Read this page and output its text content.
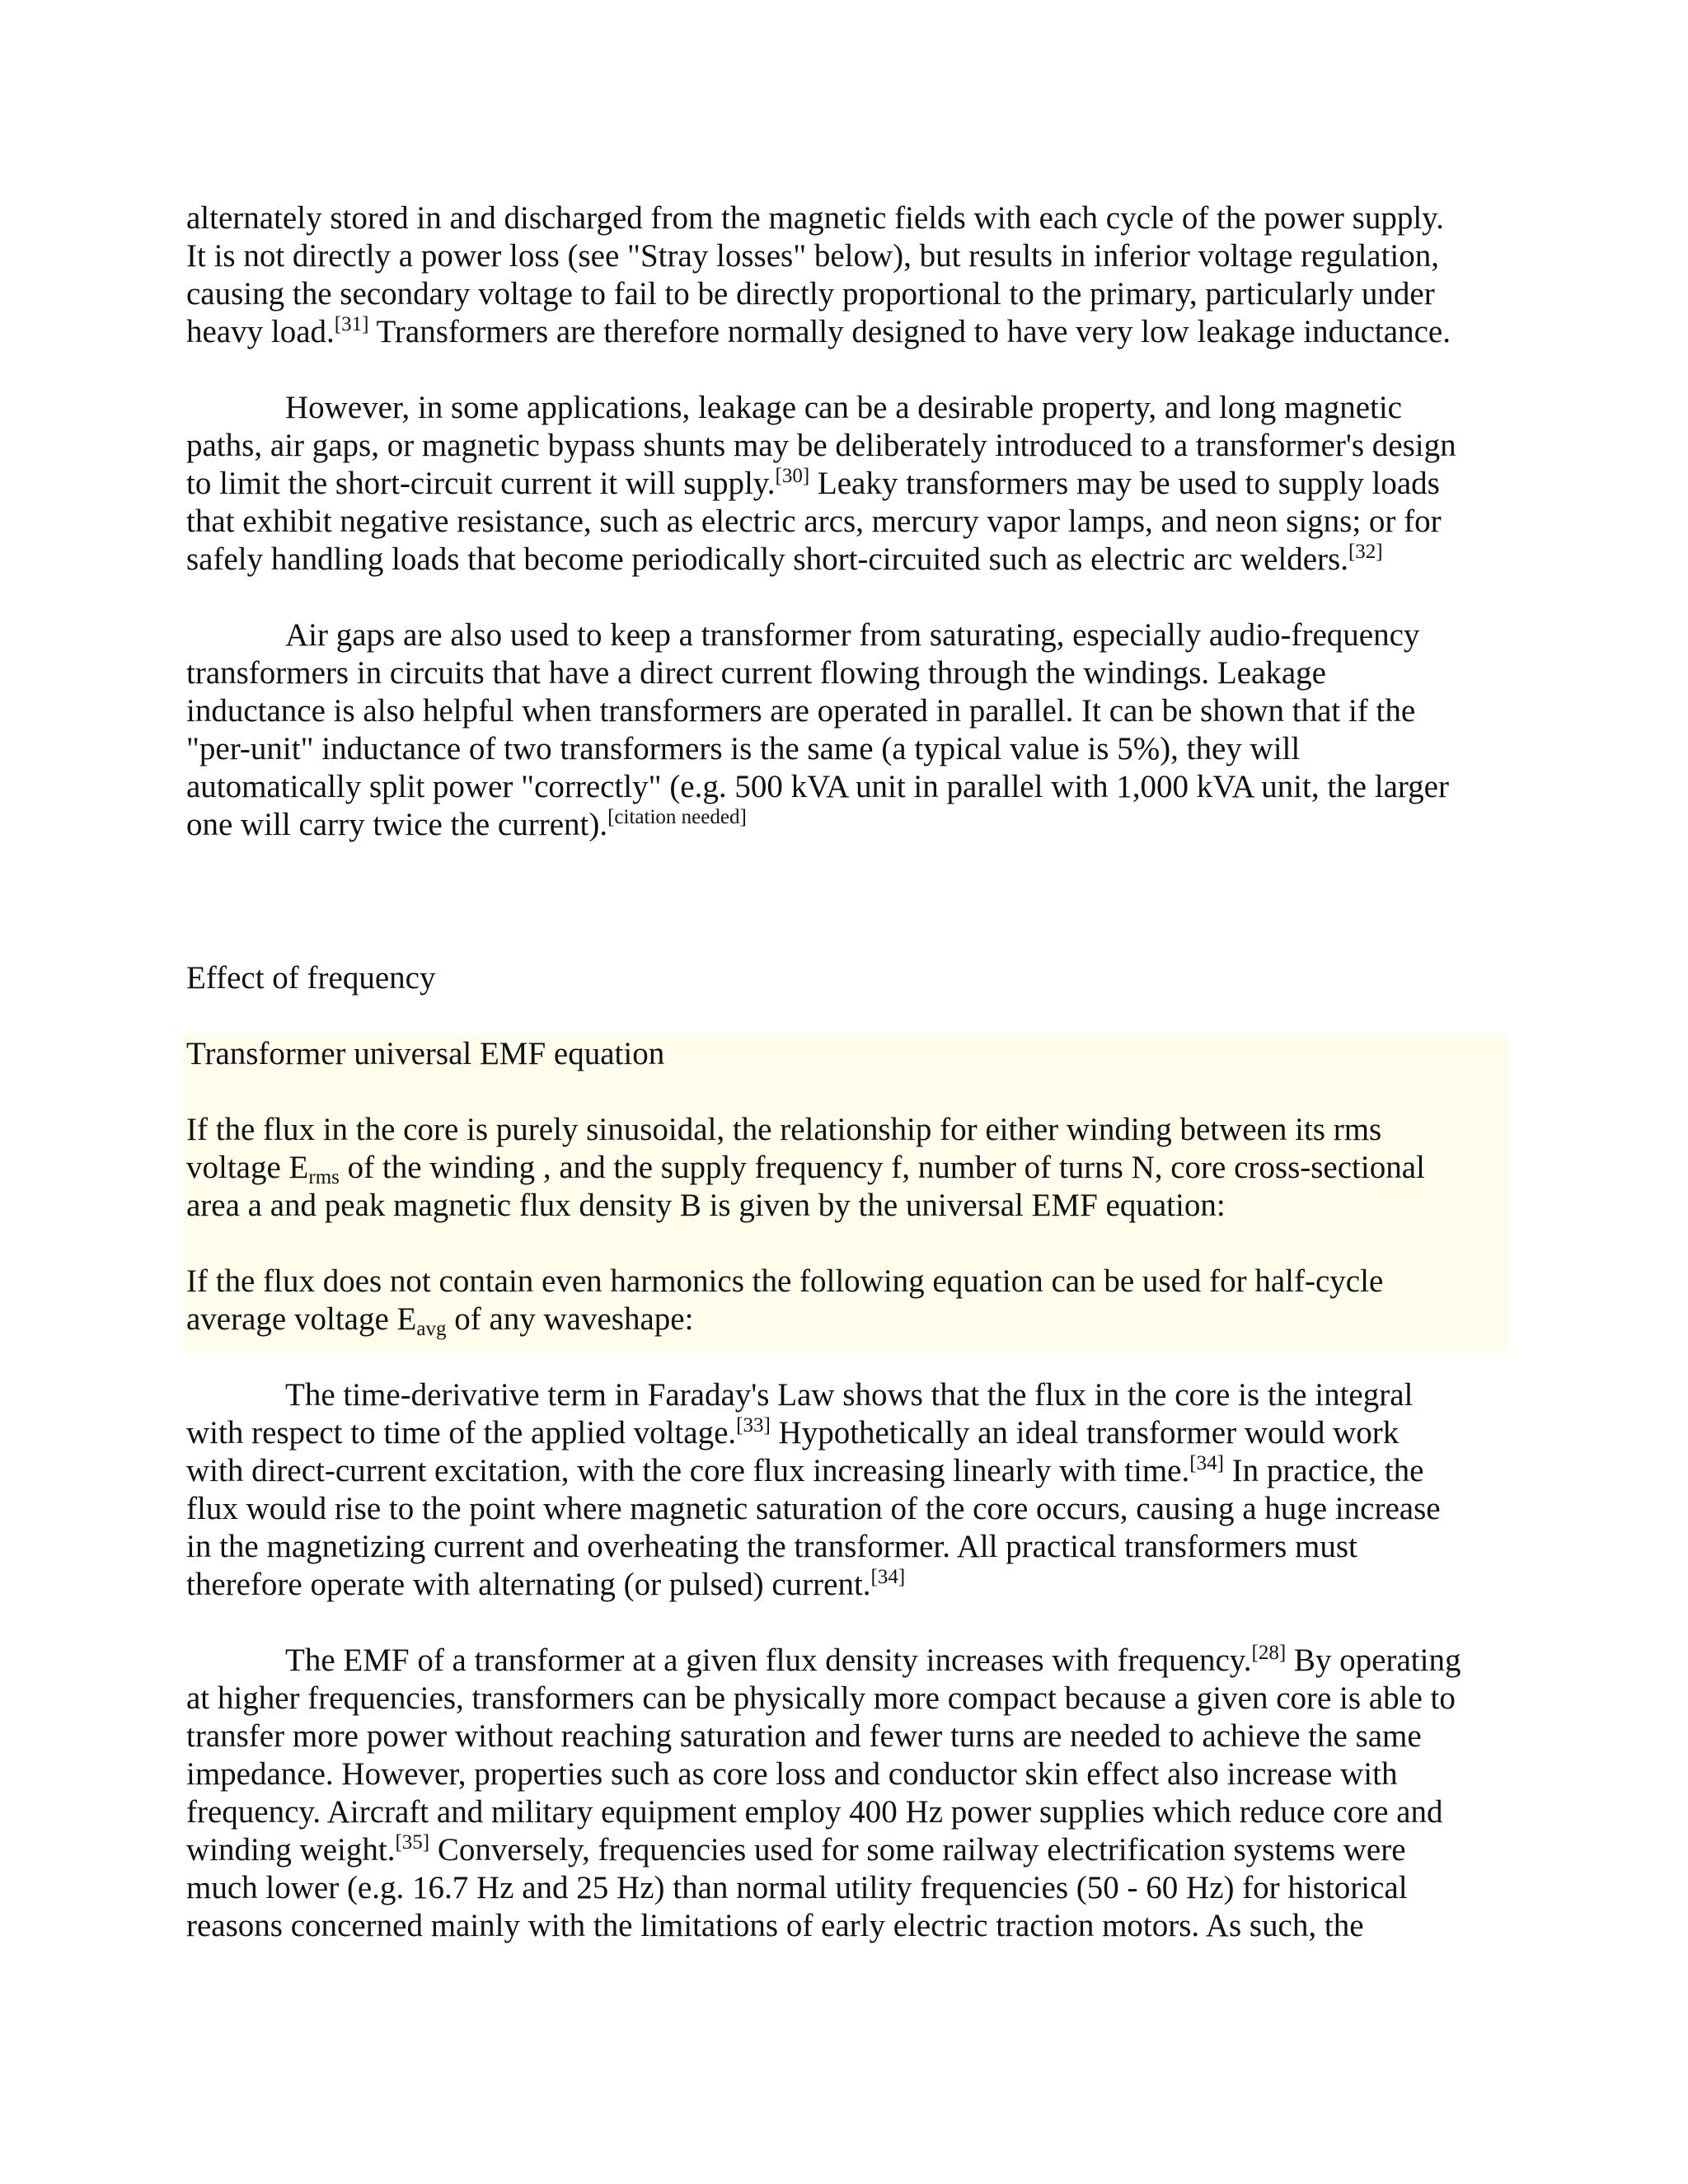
alternately stored in and discharged from the magnetic fields with each cycle of the power supply.
It is not directly a power loss (see "Stray losses" below), but results in inferior voltage regulation,
causing the secondary voltage to fail to be directly proportional to the primary, particularly under
heavy load.[31] Transformers are therefore normally designed to have very low leakage inductance.
However, in some applications, leakage can be a desirable property, and long magnetic
paths, air gaps, or magnetic bypass shunts may be deliberately introduced to a transformer's design
to limit the short-circuit current it will supply.[30] Leaky transformers may be used to supply loads
that exhibit negative resistance, such as electric arcs, mercury vapor lamps, and neon signs; or for
safely handling loads that become periodically short-circuited such as electric arc welders.[32]
Air gaps are also used to keep a transformer from saturating, especially audio-frequency
transformers in circuits that have a direct current flowing through the windings. Leakage
inductance is also helpful when transformers are operated in parallel. It can be shown that if the
"per-unit" inductance of two transformers is the same (a typical value is 5%), they will
automatically split power "correctly" (e.g. 500 kVA unit in parallel with 1,000 kVA unit, the larger
one will carry twice the current).[citation needed]
Effect of frequency
Transformer universal EMF equation
If the flux in the core is purely sinusoidal, the relationship for either winding between its rms
voltage $E_{rms}$ of the winding , and the supply frequency f, number of turns N, core cross-sectional
area a and peak magnetic flux density B is given by the universal EMF equation:
If the flux does not contain even harmonics the following equation can be used for half-cycle
average voltage $E_{avg}$ of any waveshape:
The time-derivative term in Faraday's Law shows that the flux in the core is the integral
with respect to time of the applied voltage.[33] Hypothetically an ideal transformer would work
with direct-current excitation, with the core flux increasing linearly with time.[34] In practice, the
flux would rise to the point where magnetic saturation of the core occurs, causing a huge increase
in the magnetizing current and overheating the transformer. All practical transformers must
therefore operate with alternating (or pulsed) current.[34]
The EMF of a transformer at a given flux density increases with frequency.[28] By operating
at higher frequencies, transformers can be physically more compact because a given core is able to
transfer more power without reaching saturation and fewer turns are needed to achieve the same
impedance. However, properties such as core loss and conductor skin effect also increase with
frequency. Aircraft and military equipment employ 400 Hz power supplies which reduce core and
winding weight.[35] Conversely, frequencies used for some railway electrification systems were
much lower (e.g. 16.7 Hz and 25 Hz) than normal utility frequencies (50 - 60 Hz) for historical
reasons concerned mainly with the limitations of early electric traction motors. As such, the
